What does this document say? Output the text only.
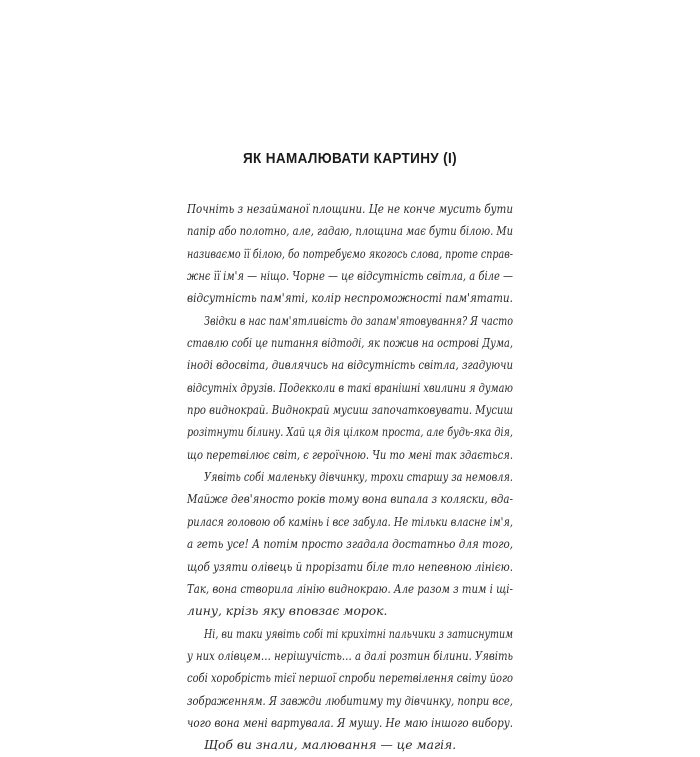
ЯК НАМАЛЮВАТИ КАРТИНУ (I)

Почніть з незайманої площини. Це не конче мусить бути
папір або полотно, але, гадаю, площина має бути білою. Ми
називаємо її білою, бо потребуємо якогось слова, проте справ-
жнє її ім'я — ніщо. Чорне — це відсутність світла, а біле —
відсутність пам'яті, колір неспроможності пам'ятати.

Звідки в нас пам'ятливість до запам'ятовування? Я часто
ставлю собі це питання відтоді, як пожив на острові Дума,
іноді вдосвіта, дивлячись на відсутність світла, згадуючи
відсутніх друзів. Подекколи в такі вранішні хвилини я думаю
про виднокрай. Виднокрай мусиш започатковувати. Мусиш
розітнути білину. Хай ця дія цілком проста, але будь-яка дія,
що перетвілює світ, є героїчною. Чи то мені так здається.

Уявіть собі маленьку дівчинку, трохи старшу за немовля.
Майже дев'яносто років тому вона випала з коляски, вда-
рилася головою об камінь і все забула. Не тільки власне ім'я,
а геть усе! А потім просто згадала достатньо для того,
щоб узяти олівець й прорізати біле тло непевною лінією.
Так, вона створила лінію виднокраю. Але разом з тим і щі-
лину, крізь яку вповзає морок.

Ні, ви таки уявіть собі ті крихітні пальчики з затиснутим
у них олівцем… нерішучість… а далі розтин білини. Уявіть
собі хоробрість тієї першої спроби перетвілення світу його
зображенням. Я завжди любитиму ту дівчинку, попри все,
чого вона мені вартувала. Я мушу. Не маю іншого вибору.

Щоб ви знали, малювання — це магія.
